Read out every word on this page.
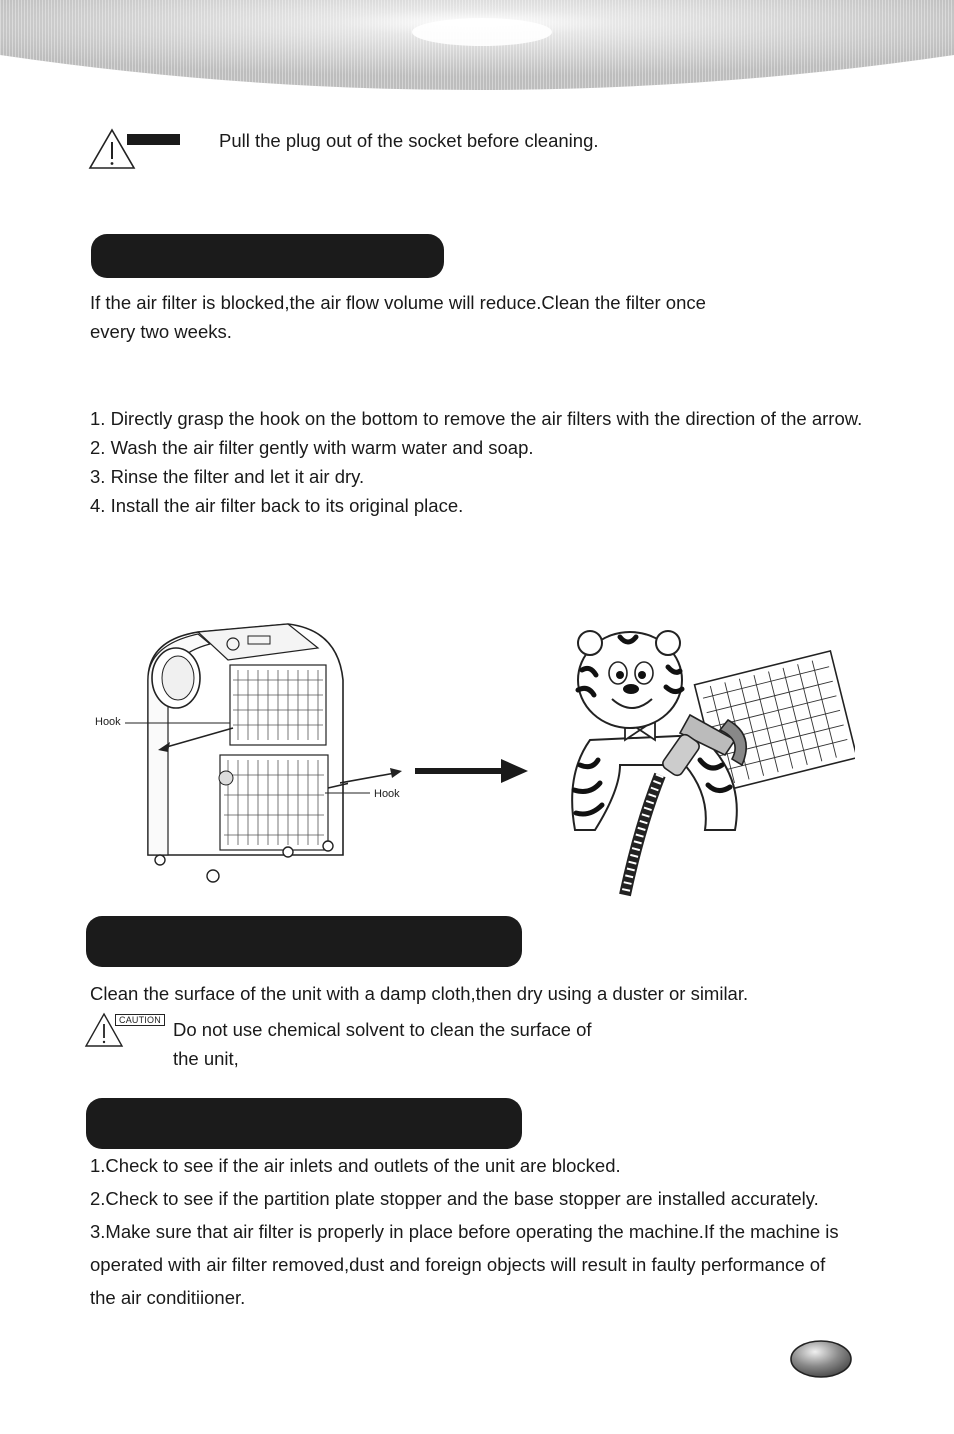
Pull the plug out of the socket before cleaning.

If the air filter is blocked,the air flow volume will reduce.Clean the filter once

every two weeks.

1. Directly grasp the hook on the bottom to remove the air filters with the direction of the arrow.
2. Wash the air filter gently with warm water and soap.
3. Rinse the filter and let it air dry.
4. Install the air filter back to its original place.
Hook
Hook

Clean the surface of the unit with a damp cloth,then dry using a duster or similar.

CAUTION Do not use chemical solvent to clean the surface of

the unit,

1.Check to see if the air inlets and outlets of the unit are blocked.
2.Check to see if the partition plate stopper and the base stopper are installed accurately.
3.Make sure that air filter is properly in place before operating the machine.If the machine is
operated with air filter removed,dust and foreign objects will result in faulty performance of
the air conditiioner.
